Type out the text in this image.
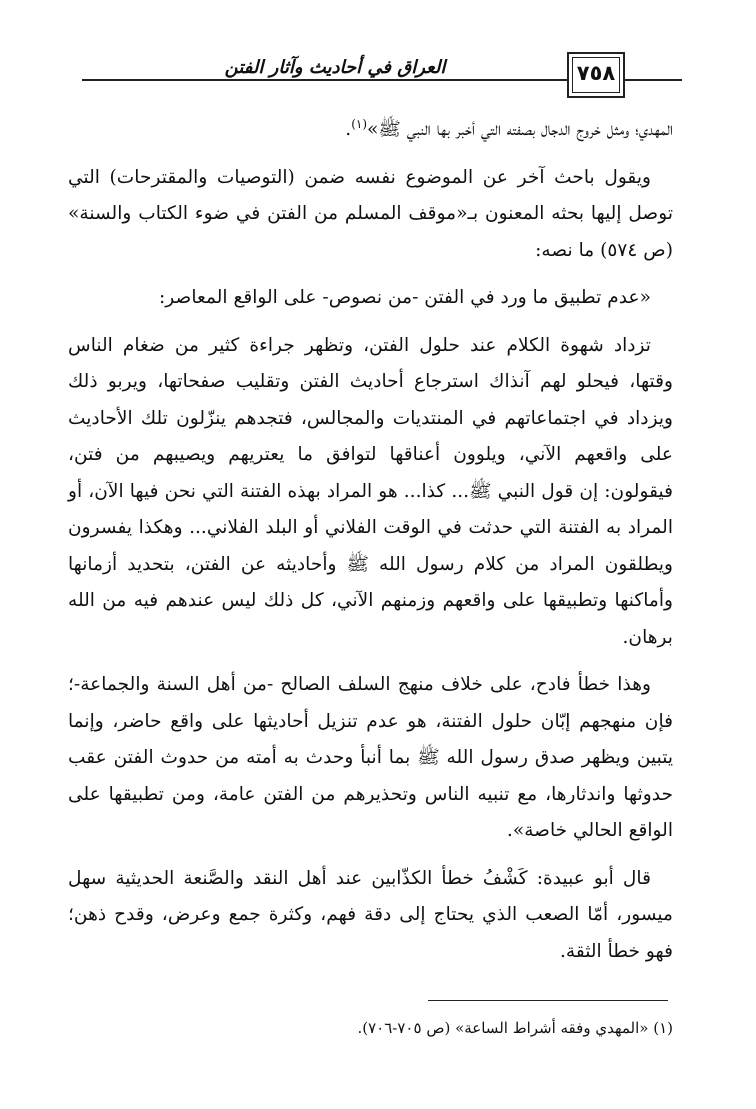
العراق في أحاديث وآثار الفتن	٧٥٨

المهدي؛ ومثل خروج الدجال بصفته التي أخبر بها النبي ﷺ»$^{(١)}$.

ويقول باحث آخر عن الموضوع نفسه ضمن (التوصيات والمقترحات) التي توصل إليها بحثه المعنون بـ«موقف المسلم من الفتن في ضوء الكتاب والسنة» (ص ٥٧٤) ما نصه:

«عدم تطبيق ما ورد في الفتن -من نصوص- على الواقع المعاصر:

تزداد شهوة الكلام عند حلول الفتن، وتظهر جراءة كثير من ضغام الناس وقتها، فيحلو لهم آنذاك استرجاع أحاديث الفتن وتقليب صفحاتها، ويربو ذلك ويزداد في اجتماعاتهم في المنتديات والمجالس، فتجدهم ينزّلون تلك الأحاديث على واقعهم الآني، ويلوون أعناقها لتوافق ما يعتريهم ويصيبهم من فتن، فيقولون: إن قول النبي ﷺ... كذا... هو المراد بهذه الفتنة التي نحن فيها الآن، أو المراد به الفتنة التي حدثت في الوقت الفلاني أو البلد الفلاني... وهكذا يفسرون ويطلقون المراد من كلام رسول الله ﷺ وأحاديثه عن الفتن، بتحديد أزمانها وأماكنها وتطبيقها على واقعهم وزمنهم الآني، كل ذلك ليس عندهم فيه من الله برهان.

وهذا خطأ فادح، على خلاف منهج السلف الصالح -من أهل السنة والجماعة-؛ فإن منهجهم إبّان حلول الفتنة، هو عدم تنزيل أحاديثها على واقع حاضر، وإنما يتبين ويظهر صدق رسول الله ﷺ بما أنبأ وحدث به أمته من حدوث الفتن عقب حدوثها واندثارها، مع تنبيه الناس وتحذيرهم من الفتن عامة، ومن تطبيقها على الواقع الحالي خاصة».

قال أبو عبيدة: كَشْفُ خطأ الكذّابين عند أهل النقد والصَّنعة الحديثية سهل ميسور، أمّا الصعب الذي يحتاج إلى دقة فهم، وكثرة جمع وعرض، وقدح ذهن؛ فهو خطأ الثقة.

(١) «المهدي وفقه أشراط الساعة» (ص ٧٠٥-٧٠٦).
